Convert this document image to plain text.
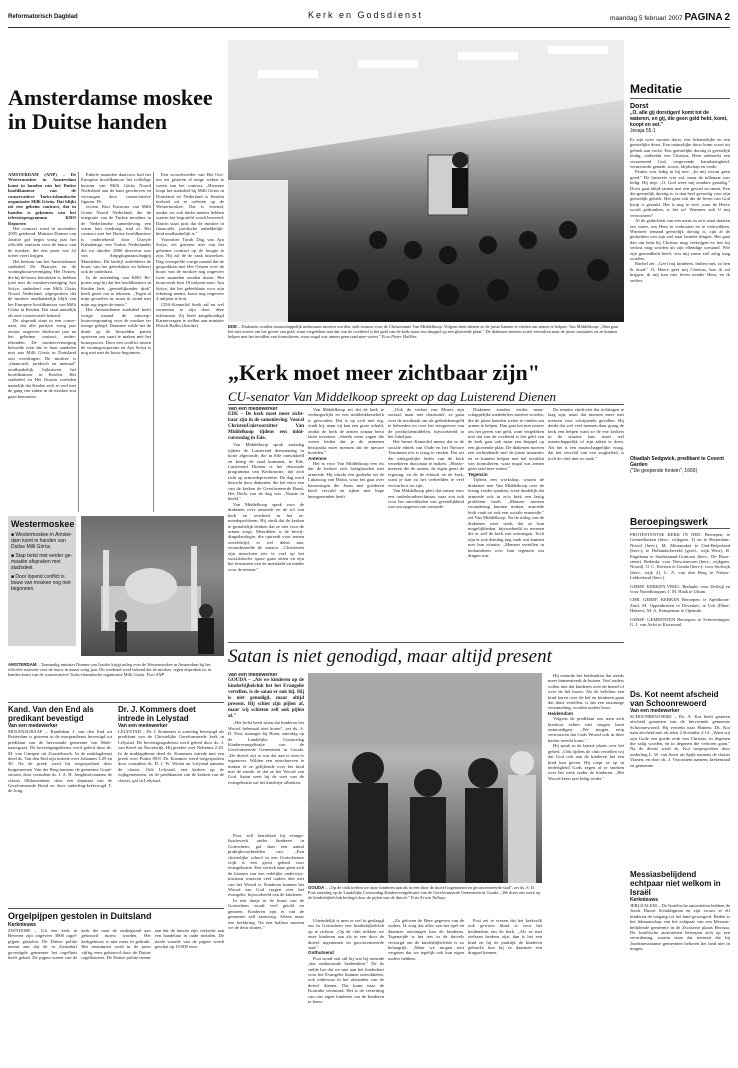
Reformatorisch Dagblad	Kerk en Godsdienst	maandag 5 februari 2007 PAGINA 2
Amsterdamse moskee in Duitse handen

AMSTERDAM (ANP) – De Westermoskee in Amsterdam komt in handen van het Duitse hoofdkantoor van de conservatieve Turks-islamitische organisatie Milli Görüs. Dat blijkt uit een geheim contract, dat in handen is gekomen van het televisieprogramma KRO Reporter.

Het contract werd in november 2005 getekend. Minister Donner van Justitie gaf begin vorig jaar het officiële startsein voor de bouw van de moskee, die een jaren wat 42 toeter voert krijgen.

Het bestuur van het Amsterdamse stadsdeel De Baarsjes en de woningbouwvereniging 'Het Oosten, die bij de bouw betrokken is, hebben juist met de moskeevereniging Aya Sofya, onderdeel van Milli Görüs Noord Nederland, afgesproken dat de moskee onafhankelijk blijft van het Europese hoofdkantoor van Milli Görüs in Keulen. Dat staat namelijk als zeer conservatief bekend.

De afspraak staat in een convenant, dat alle partijen vorig jaar zomer, ongeveer driekwart jaar na het geheime contract, ondertekenden. De moskeevereniging beloofde toen dat er haar aandelen niet aan Milli Görüs in Duitsland zou overdragen. De moskee is „financieel, juridisch en mentaal" onafhankelijk bijhuisven het hoofdkantoor in Keulen. Het stadsdeel en Het Oosten vreesden namelijk dat Keulen zich te veel met de gang van zaken in de moskee zou gaan bemoeien.

Enkele maanden daarvoor had het Europese hoofdkantoor het volledige bestuur van Milli Görüs Noord Nederland aan de kant geschoven en vervangen door conservatieve figuren. Di-

recteur Haci Karacaer van Milli Görüs Noord Nederland, die de integratie van de Turkse moslims in de Nederlandse samenleving een warm hart toedroeg, trad af. Het contract met het Duitse hoofdkantoor is ondertekend door Üsteyle Kahalemgo, een Turkse Nederlander die tot oktober 2006 directeur was van Ampglogmaatschappij Mandeiten. Dit bedrijf ontfeldeert de bouw van het gebedshuis en beheert ook de onderkast.

In de uitzending van KRO Reporter zegt hij dat het hoofdkantoor in Keulen bets „geestelijkonder druk" heeft gezet om te tekenen. „Tegen al mijn gevoelen in, maar ik stond met mijn rug tegen de muur."

Het Amsterdamse stadsdeel heeft vorige maand de ontwerpbouwvergunning voor de moskee ter inzage gelegd. Daarmee wilde het de drink op de bestralden patiën opsteven om vaart te maken met het bouwproces. Door een conflict tussen de woningcorporatie en Aya Sofya is nog niet met de bouw begonnen.

Een woordvoerder van Het Oosten zei gisteren al enige weken te weten van het contract. „Hiermee loopt het stadsdeel bij Milli Görüs in Duitsland en Nederland is Keulen invloed uit te oefenen op de Westermoskee. Dat is vreemd, omdat we ook dacht mentet hebben waarin het begrafeld wordt beweerd. Daarin staat juist dat de moskee in financiële, juridische enhebbelijkheid onafhankelijk is."

Voorzitter Turab Dag van Aya Sofya, zei gisteren niet van het geheime contract op de hoogte te zijn. Hij zal de de zaak uitzoeken. Dag voorspelde vorige maand dat de gesprekken met Het Oosten over de bouw van de moskee nog ongeveer twee maanden zouden duren. Het bouwwerk kost 18 miljoen euro. Aya Sofya, dat het gebedshuis voor zijn rekening neemt, komt nog ongeveer 4 miljoen te kort.

CDA-Kamerlid Sterk zal nu wel vernemen te zijn door deze informatie. Zij heeft aangekondigd Kamervragen te stellen aan minister Hirsch Ballin (Justitie).

Westermoskee
■ Westermoskee in Amsterdam komt in handen van Duitse Milli Görüs.
■ Stap betst met eerder gemaakte afspraken met stadsdeel.
■ Door lopend conflict is bouw van moskee nog niet begonnen.
AMSTERDAM – Toenmalig minister Donner van Justitie krijgt uitleg over de Westermoskee in Amsterdam bij het officiële startsein voor de bouw in maart vorig jaar. Dit weekend werd bekend dat de moskee, tegen afspraken in, in handen komt van de conservatieve Turks-islamitische organisatie Milli Görüs. Foto ANP
EDE – Diakonen zouden maatschappelijk mekenaars moeten worden, stelt senator voor de Christenunie Van Middelkoop. Volgens hem dienen ze de juiste kansen te vinden om armen te helpen. Van Middelkoop: „Dan gaat het niet zozeer om het geven van geld, want vergeleken met dat van de overheid is het geld van de kerk maar een druppel op een gloeiende plaat." De diakenen moeten actief eenvulren naar de juiste instanties en ze kunnen helpen met het invullen van formulieren, waar nogal wat armen geen raad mee weten." Foto Pieter Halbles
„Kerk moet meer zichtbaar zijn"
CU-senator Van Middelkoop spreekt op dag Luisterend Dienen
Van een medewerker

EDE – De kerk moet meer zichtbaar zijn in de samenleving. Vooral ChristenUnievoorzitter Van Middelkoop tijdens een minicursusdag in Ede.

Van Middelkoop sprak zaterdag tijdens de Luisterend dienstendag in korte afgeronde, die in Ede ontwikkeld en kreeg de raad kommen, in Ede. Luisterend Dienen is het diaconale programma van Kerkinactie, dat zich richt op armoedepreventie. De dag werd bezocht door diakenen, die het enter een van de kerken de Gereformeerde Bond, Het Derla van de dag was „Naaste in beeld."

Van Middelkoop sprak voor de diakenen over armoede en de rol van kerk en overheid in het armoedeprobleem. Hij vindt dat de kerken te gestaltelijk denken dat ze niet voor de armen zorgt. Meerdelen is de bevrijdingstheologie, die optreedt voor armen wereldwijd, er wel debet aan, veronderstelde de senator. „Christenen zijn misschien iets te veel op het socialistische spoor gaan zitten en zijn het fenomeen van de menskeld en ninder voor de nemen."

Van Middelkoop zei dat de kerk te verburgerlijkt en een middenklassekerk is geworden. Dat is op zich niet erg, vindt hij, maar zij kan een grote schuld, omdat de kerk de armen zonaar bezit laten terzetten. „Steeds meer zagen die weten leiden dat je de armenen bezijraakt moet mensen dat de nieuwe hoofden."

Antenne

Het is voor Van Middelkoop een eis dat de kerken zich bezighouden met armoede. Hij uitrekt een gedeelte uit de Lukasoog van Maria, waar het gaat over benorringen die Jezus met goederen heeft vervuld en rijken met liege benogenenden heeft.

„Ook de verbus van Mozes zijn sociaal, maar niet charitatief, ze gaan over de noodzaak om als gedrukkensgeld te behoeden en over het terugzeven van de productiemiddelen, bijvoorbeeld in het Jubeljaar.

Het breste Kamerlid meent dat in de sociale ethiek van Oude en het Nieuwe Testament iets is terug te vinden. Dat zet dat uiteigenlijke leden van de kerk verzekeren diaconaat te maken. „Hoezo-mensen die de armen, de eigen geert de regering, en de de ethisch en de kerk, want je kan zo het verbeelden te veel verwarloos tot zijn.

Van Middelkoop pleit dat armen voor een onderhoudsrechtnaar, naar zou ook voor het ontwikkelen van geestelijkheid rust om opgaven van armoede.

Diakenen zouden verder maatschappelijke mededelers moeten worden, die de juiste kanalen weten te vinden om armen te helpen. Dan gaat het niet zozeer om het geven van geld, want vergeleken met dat van de overheid is het geld van de kerk gaat ook maar een druppel op een gloeiende plaat. De diakenen moeten een verbindende snel de juiste instanties en ze kunnen helpen met het invullen van formulieren, waar nogal wat armen geen raad mee weten."

Tegenzin

Tijdens een workshop, waarin de diakenen met Van Middelkoop over de lezing verder spraken, werd duidelijk dat armoede ook in zo'n kerk een lastig probleem heeft. „Mensen moeten verandering kunnen maken, armoede leidt vaak tot ook een sociale ermoeide," zei Van Middelkoop. Na de uitleg van de diakonen weet sinds dat ze hun mogelijkheden, bijvoorbeeld in mensen die er zelf de kerk van ontvangen. Toch zijn er ook dinsdag nog vaak wat kunnen met hun situatie, „Mensen vertellen in kerkanderen over hun tegenzin om dingen wat.

De senator vindt niet dat richtingen te laag zijn, maar dat mensen meer met mensen voor schrijnende gevallen. Hij denkt dat wel veel mensen daar graag de kerk een helpen want ze de ene kerkers in de situatie kan, maar wel maatschappelijk of zijn zaken te doen. Als het is een maatschappelijke vraag, dat het verschil van een zorgbeleid, is toch de chef niet zo vaak."

Satan is niet genodigd, maar altijd present
Van een medewerker

GOUDA – „Als we kinderen op de kinderbijbelclub het het Evangelie vertellen, is de satan er ook bij. Hij is niet genodigd, maar altijd present. Hij schiet zijn pijlen af, maar wij schieten zelf ook pijlen af."

„Het liefst heeft satan dat kinderen het Woord helemaal niet horen", zei ds. S. D. Post, manager bij Hoen, zaterdag op de Landelijke Contactdag Kinderevangelisatie van de Gereformeerde Gemeenten in Gouda. „De duivel zijt er wat dat aan te zien er tegenover. Wilden een omschoeven te maken of ze gelijkende over het kind met de zonde, of dat ze het Woord van God. Satan weet hij de start van de evangelisatie zal het kindertje afbreken.

Post, zelf betrokken bij evangelisatiewerk onder kinderen in Gorinchem, gaf daar een aantal praktijkvoorbeelden van. „Een christelijke school in een Gorischemse wijk is een groot gebied voor evangelisatie. Een vertrek daar geen zich de klassen van een redelijke onderwijs-instituut waarvan veel ouders den niet van het Woord is. Kinderen kunnen het Woord van God vragen over het evangelie, bijvoorbeeld van de kinderen.

In een donje in de buurt van de Gorinchem wordt veel getold en genoten. Kinderen zijn er van de gemeente zelf aanwezig. Alleen maar een kerkkring. Na een halfuur moeten we de deur sluiten."

GOUDA – „Op de club treffen we onze kinderen aan als in een door de duivel ingenomen en geconcentreerde stad", zei ds. S. D. Post zaterdag op de Landelijke Contactdag Kinderevangelisatie van de Gereformeerde Gemeenten in Gouda. „We doen ons werk op de kinderbijbelclub beslagd door de pijlen van de duivel." Foto Erwin Tolhuys

Uiteindelijk is men er wel in geslaagd om in Gorinchem een kinderbijbelclub op te richten. „Op de club trekken we onze kinderen aan als in een door de duivel ingenomen en geconcentreerde stad."

Onthutsend

Post stond ook stil bij wat hij noemde „het onthutsende heidendom." De ds stelde het dat we niet aan het kinderhart voor het Evangelie kunnen ontwikkelen, ook onbewust in het afstanden van de duivel dienen. Dat komt naar de Korinthe verzuimd. Het is de verzetting van ons eigen kinderen om de kinderen te leren.

„Zo geloven de Here gegeven van de ouders. Ik zorg dat alles van het spel en daarmee ontvangen kan de kinderen. Tegenzijde is het iets in de duivels verzorgd om de kinderbijbelclub is zo belangrijk. „Maar we mogen niet vergeten dat we tegelijk ook hun eigen ouders hebben.

Post zei te vrezen dat het kerkvolk ook gewoon blind is voor het heidendom om de kerk. „Als ze met zielsaan heidens zijn, dan is het een kind en hij de praktijk de kinderen gebracht hun hij ze daarmee een druppel kennen.

Hij noemde het heidendom dat steeds meer binnentreedt de huizen. Veel ouders willen niet dat kinderen over de hemel of over de hel horen. Als de beloften een kind horen over de hel en kinderen gaan dat thuis vertellen, is dat een onzinnige verzameling, worden ouders boos.

Heidendom

Volgens de predikant zou men zich hierdoor echter niet mogen laten ontmoedigen. „We mogen erop vertrouwen dat Gods Woord ook in deze harten terecht komt."

Hij sprak in de laatste plaats over het gebed. „Ook tijdens de club vertellen wij dat God ook aan de kinderen het een kind kan geven. Hij roept ze op in nederigheid Gods zegen af te smeken over het werk onder de kinderen. „Het Woord keert niet ledig weder."

Kand. Van den End als predikant bevestigd
Van een medewerker
MOLENSGRAAF – Kandidaat J. van den End uit Rotterdam is gisteren in de morgendienst bevestigd tot predikant van de hervormde gemeente van Molenaarsgraaf. De bevestigingsdienst werd geleid door ds. M. van Campen uit Zwartebroek. In de middagdienst deed ds. Van den End zijn intrede over Johannes 3:29 en 30. Na de preek werd hij toegesproken door burgemeester Van der Berg namens de gemeente Graafstroom, door consulent ds. J. A. H. Jongkind namens de classis Alblasserdam, door een deputaat van de Gereformeerde Bond en door ouderling-kerkvoogd T. de Jong.
Dr. J. Kommers doet intrede in Lelystad
Van een medewerker
LELYSTAD – Dr. J. Kommers is zaterdag bevestigd als predikant van de Christelijke Gereformeerde kerk in Lelystad. De bevestigingsdienst werd geleid door ds. J. van Keeel uit Noordwijk. Hij preekte over Nehemia 2:20. In de middagdienst deed ds. Kommers intrede met een preek over Psalm 89:8. Dr. Kommer werd toegesproken door consulent ds. D. J. W. Wielat uit Lelystad namens de classis. Ook Lelystad, een kerken op de wijkgemeenten, en de predikanten van de kerken van de classis, gaf in Lelystad.
Orgelpijpen gestolen in Duitsland
Kerknieuws
ZWNDORF – Uit een kerk in Beveren zijn ongeveer 3000 orgelpijpen gestolen. De Duitse politie neemt aan dat de in Zwündorf gevestigde gemeente het orgelhuis heeft gehad. De pijpen waren van de kerk die naar de ondergrond aan gebouwd moest worden. Het kerkgebouw is niet meer in gebruik. Het instrument werd in de jaren vijftig eens gebouwd door de Duitse orgelbouwer. De Duitse politie neemt aan dat de buizen zijn verkocht aan een handelaar in oude metalen. De totale waarde van de pijpen wordt geschat op 10.000 euro.
Meditatie
Dorst
„O, alle gij dorstigen! komt tot de wateren, en gij, die geen geld hebt, komt, koopt en eet."
Jesaja 55:1

Er zijn twee soorten dorst, een lichamelijke en een geestelijke dorst. Een natuurlijke dorst komt voort uit gebrek aan vocht. Een geestelijke dorstig is geestelijk leidig, ontbreekt een Christus. Hem ontbreekt een verzoenend God, vergevende barmhartigheid, vernieuwde genade, troost, blijdschap en vrede.

Paulus was ledig in hij nee: „In mij woont geen goed." De farizeeër was vol, maar de tollenaar was ledig. Hij riep: „O, God wees mij zondare genadig." Dorst gaat altijd samen met een gevoel en smart. Een die geestelijk dorstig is, is dan heel gevoelig voor zijn geestelijk gebrek. Het gaat ook die de leven van God kwijt is geraakt. Het is nog te veel, waar de Heere wordt gedronken, is het zo! Wanneer zult U mij vertroosten?

Al de gedachten van een mens in zo'n staat draaien om water, om Hem te verkooien en te verkwikken. Warmeer iemand geestelijk dorstig is, zijn al de gedachten van zijn ziel naar hemele dingen. Het gaat dan om hem bij Christus mag verkrijgen en hoe hij verlost mag worden uit zijn ellendige toestand. Wie zijn gezondheid heeft, zou mij zome ziel zalig mag worden.

Rachel zei: „Geef mij kinderen. Indien niet, zo ben ik dood." O, Heere geef mij Christus, hoe ik zal krijgen, ik mij kan niet leven zonder Hem, en ik verlies.

Obadiah Sedgwick, predikant te Covent Garden
("De geopende fontein", 1666)
Beroepingswerk

PROTESTANTSE KERK IN NED. Beroepen: te Gemerthuizen (herv., wijkgem. 2) en te Rotterdam-Noord (herv.), M. Mesemaker te Oud-Beijerland (herv.); te Hollandscheveld (geref., wijk West), H. Engelsma te Stadskanaal-Gruttorst (herv., De Hooesteen). Bedankt: voor Niewieuwsen (herv., wijkgem. Noord), O. C. Kersten te Gouda (herv.); voor Stolwijk (herv., wijk 2), L. A. van den Berg te Nieuw-Lekkerland (herv.).

GEREF. KERKEN VRIJG. Bedankt: voor Delfzijl en voor Noordburgum, J. M. Haak te Uitum.

CHR. GEREF. KERKEN Beroepen: te Apeldoorn-Zuid, M. Oppenhuizen te Deventer; te Urk (Eben-Haëzer), M. A. Kempenaar te Opeinde.

GEREF. GEMEENTEN Beroepen: te Scheveningen, G. J. van Aalst te Kissewaal.

Ds. Kot neemt afscheid van Schoonrewoerd
Van een medewerker
SCHOONREWOERD – Ds. A. Kot heeft gisteren afscheid genomen van de hervormde gemeente Schoonrewoerd. Hij vertrekt naar Hattem. Ds. Kot nam afscheid met als tekst 2 Korinthe 2:14: „Want wij zijn Gode een goede reuk van Christus, in degenen die zalig worden, en in degenen die verloren gaan." Na de dienst werd ds. Kot toegesproken door ouderling L. W. van Soest uit Spijk namens de classis Vianen, en door ds. J. Vroonstein namens kerkenraad en gemeente.
Messiasbelijdend echtpaar niet welkom in Israël
Kerknieuws
JERUZALEM – De Israëlische autoriteiten hebben de Joods Duitse Schuldigman en zijn vrouw er elf kinderen de toegang tot het land geweigerd. Reden is het lidmaatschap van het echtpaar van een Messiasbelijdende gemeente in de Zwitserse plaats Herisau. De Israëlische autoriteiten beroepen zich op een verordening, waarin staat dat mensen die bij Joodsmessiaanse gemeenten behoren het land niet in mogen.
